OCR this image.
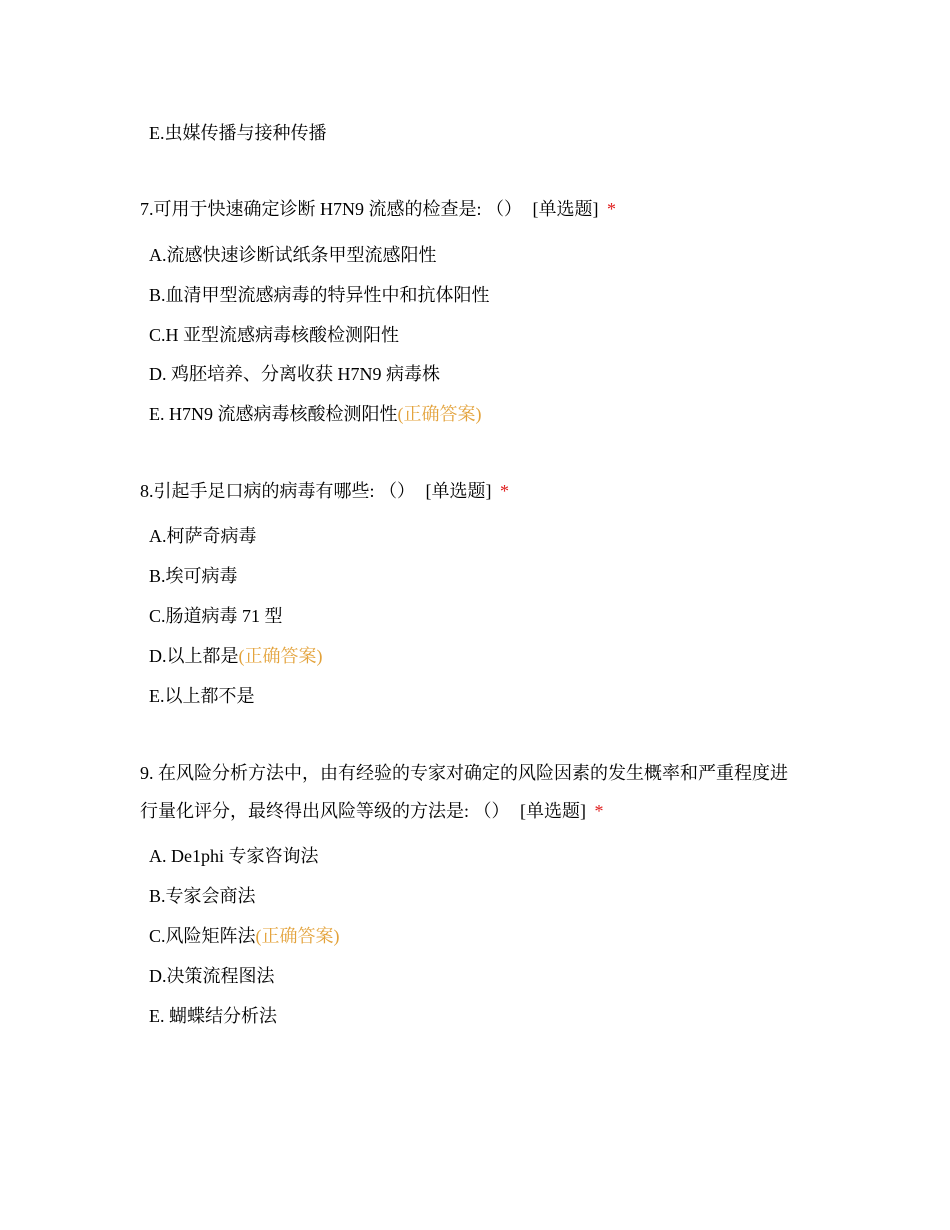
E.虫媒传播与接种传播
7.可用于快速确定诊断 H7N9 流感的检查是: （） [单选题] *
A.流感快速诊断试纸条甲型流感阳性
B.血清甲型流感病毒的特异性中和抗体阳性
C.H 亚型流感病毒核酸检测阳性
D. 鸡胚培养、分离收获 H7N9 病毒株
E. H7N9 流感病毒核酸检测阳性(正确答案)
8.引起手足口病的病毒有哪些: （） [单选题] *
A.柯萨奇病毒
B.埃可病毒
C.肠道病毒 71 型
D.以上都是(正确答案)
E.以上都不是
9. 在风险分析方法中，由有经验的专家对确定的风险因素的发生概率和严重程度进
行量化评分，最终得出风险等级的方法是: （） [单选题] *
A. De1phi 专家咨询法
B.专家会商法
C.风险矩阵法(正确答案)
D.决策流程图法
E. 蝴蝶结分析法
